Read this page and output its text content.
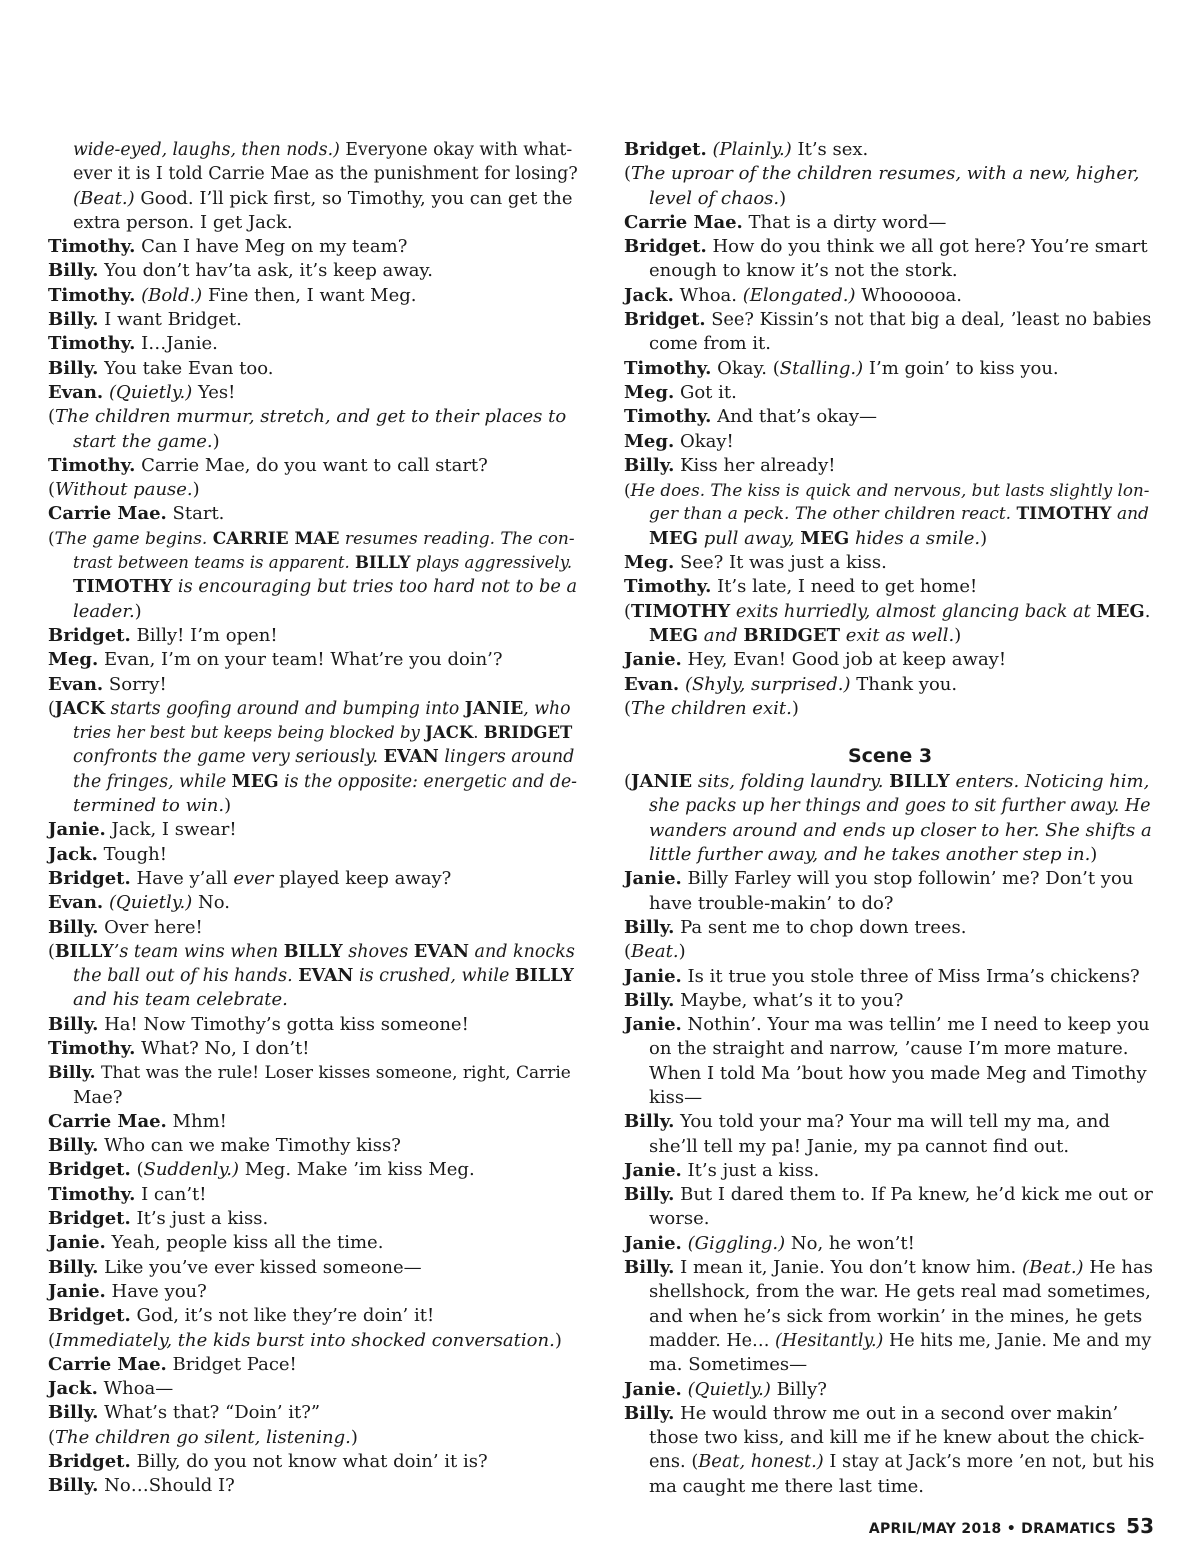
wide-eyed, laughs, then nods.) Everyone okay with what-
ever it is I told Carrie Mae as the punishment for losing?
(Beat.) Good. I’ll pick first, so Timothy, you can get the
extra person. I get Jack.
Timothy. Can I have Meg on my team?
Billy. You don’t hav’ta ask, it’s keep away.
Timothy. (Bold.) Fine then, I want Meg.
Billy. I want Bridget.
Timothy. I…Janie.
Billy. You take Evan too.
Evan. (Quietly.) Yes!
(The children murmur, stretch, and get to their places to
start the game.)
Timothy. Carrie Mae, do you want to call start?
(Without pause.)
Carrie Mae. Start.
(The game begins. CARRIE MAE resumes reading. The con-
trast between teams is apparent. BILLY plays aggressively.
TIMOTHY is encouraging but tries too hard not to be a
leader.)
Bridget. Billy! I’m open!
Meg. Evan, I’m on your team! What’re you doin’?
Evan. Sorry!
(JACK starts goofing around and bumping into JANIE, who
tries her best but keeps being blocked by JACK. BRIDGET
confronts the game very seriously. EVAN lingers around
the fringes, while MEG is the opposite: energetic and de-
termined to win.)
Janie. Jack, I swear!
Jack. Tough!
Bridget. Have y’all ever played keep away?
Evan. (Quietly.) No.
Billy. Over here!
(BILLY’s team wins when BILLY shoves EVAN and knocks
the ball out of his hands. EVAN is crushed, while BILLY
and his team celebrate.
Billy. Ha! Now Timothy’s gotta kiss someone!
Timothy. What? No, I don’t!
Billy. That was the rule! Loser kisses someone, right, Carrie
Mae?
Carrie Mae. Mhm!
Billy. Who can we make Timothy kiss?
Bridget. (Suddenly.) Meg. Make ’im kiss Meg.
Timothy. I can’t!
Bridget. It’s just a kiss.
Janie. Yeah, people kiss all the time.
Billy. Like you’ve ever kissed someone—
Janie. Have you?
Bridget. God, it’s not like they’re doin’ it!
(Immediately, the kids burst into shocked conversation.)
Carrie Mae. Bridget Pace!
Jack. Whoa—
Billy. What’s that? “Doin’ it?”
(The children go silent, listening.)
Bridget. Billy, do you not know what doin’ it is?
Billy. No…Should I?
Bridget. (Plainly.) It’s sex.
(The uproar of the children resumes, with a new, higher,
level of chaos.)
Carrie Mae. That is a dirty word—
Bridget. How do you think we all got here? You’re smart
enough to know it’s not the stork.
Jack. Whoa. (Elongated.) Whoooooa.
Bridget. See? Kissin’s not that big a deal, ’least no babies
come from it.
Timothy. Okay. (Stalling.) I’m goin’ to kiss you.
Meg. Got it.
Timothy. And that’s okay—
Meg. Okay!
Billy. Kiss her already!
(He does. The kiss is quick and nervous, but lasts slightly lon-
ger than a peck. The other children react. TIMOTHY and
MEG pull away, MEG hides a smile.)
Meg. See? It was just a kiss.
Timothy. It’s late, I need to get home!
(TIMOTHY exits hurriedly, almost glancing back at MEG.
MEG and BRIDGET exit as well.)
Janie. Hey, Evan! Good job at keep away!
Evan. (Shyly, surprised.) Thank you.
(The children exit.)
Scene 3
(JANIE sits, folding laundry. BILLY enters. Noticing him,
she packs up her things and goes to sit further away. He
wanders around and ends up closer to her. She shifts a
little further away, and he takes another step in.)
Janie. Billy Farley will you stop followin’ me? Don’t you
have trouble-makin’ to do?
Billy. Pa sent me to chop down trees.
(Beat.)
Janie. Is it true you stole three of Miss Irma’s chickens?
Billy. Maybe, what’s it to you?
Janie. Nothin’. Your ma was tellin’ me I need to keep you
on the straight and narrow, ’cause I’m more mature.
When I told Ma ’bout how you made Meg and Timothy
kiss—
Billy. You told your ma? Your ma will tell my ma, and
she’ll tell my pa! Janie, my pa cannot find out.
Janie. It’s just a kiss.
Billy. But I dared them to. If Pa knew, he’d kick me out or
worse.
Janie. (Giggling.) No, he won’t!
Billy. I mean it, Janie. You don’t know him. (Beat.) He has
shellshock, from the war. He gets real mad sometimes,
and when he’s sick from workin’ in the mines, he gets
madder. He… (Hesitantly.) He hits me, Janie. Me and my
ma. Sometimes—
Janie. (Quietly.) Billy?
Billy. He would throw me out in a second over makin’
those two kiss, and kill me if he knew about the chick-
ens. (Beat, honest.) I stay at Jack’s more ’en not, but his
ma caught me there last time.
APRIL/MAY 2018 • DRAMATICS 53
